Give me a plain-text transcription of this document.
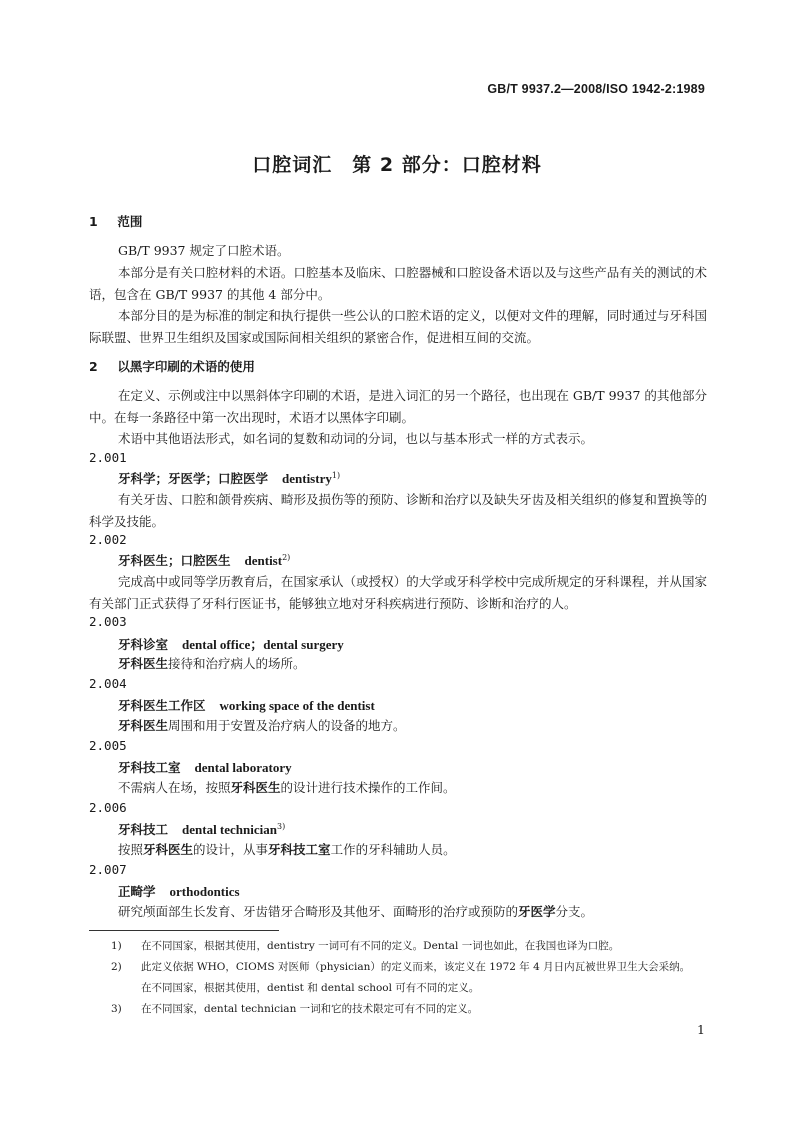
GB/T 9937.2—2008/ISO 1942-2:1989
口腔词汇　第 2 部分：口腔材料
1 范围
GB/T 9937 规定了口腔术语。
本部分是有关口腔材料的术语。口腔基本及临床、口腔器械和口腔设备术语以及与这些产品有关的测试的术语，包含在 GB/T 9937 的其他 4 部分中。
本部分目的是为标准的制定和执行提供一些公认的口腔术语的定义，以便对文件的理解，同时通过与牙科国际联盟、世界卫生组织及国家或国际间相关组织的紧密合作，促进相互间的交流。
2 以黑字印刷的术语的使用
在定义、示例或注中以黑斜体字印刷的术语，是进入词汇的另一个路径，也出现在 GB/T 9937 的其他部分中。在每一条路径中第一次出现时，术语才以黑体字印刷。
术语中其他语法形式，如名词的复数和动词的分词，也以与基本形式一样的方式表示。
2.001
牙科学；牙医学；口腔医学 dentistry$^{1)}$
有关牙齿、口腔和颌骨疾病、畸形及损伤等的预防、诊断和治疗以及缺失牙齿及相关组织的修复和置换等的科学及技能。
2.002
牙科医生；口腔医生 dentist$^{2)}$
完成高中或同等学历教育后，在国家承认（或授权）的大学或牙科学校中完成所规定的牙科课程，并从国家有关部门正式获得了牙科行医证书，能够独立地对牙科疾病进行预防、诊断和治疗的人。
2.003
牙科诊室 dental office；dental surgery
牙科医生接待和治疗病人的场所。
2.004
牙科医生工作区 working space of the dentist
牙科医生周围和用于安置及治疗病人的设备的地方。
2.005
牙科技工室 dental laboratory
不需病人在场，按照牙科医生的设计进行技术操作的工作间。
2.006
牙科技工 dental technician$^{3)}$
按照牙科医生的设计，从事牙科技工室工作的牙科辅助人员。
2.007
正畸学 orthodontics
研究颅面部生长发育、牙齿错牙合畸形及其他牙、面畸形的治疗或预防的牙医学分支。
1)	在不同国家，根据其使用，dentistry 一词可有不同的定义。Dental 一词也如此，在我国也译为口腔。
2)	此定义依据 WHO，CIOMS 对医师（physician）的定义而来，该定义在 1972 年 4 月日内瓦被世界卫生大会采纳。
在不同国家，根据其使用，dentist 和 dental school 可有不同的定义。
3)	在不同国家，dental technician 一词和它的技术限定可有不同的定义。
1
